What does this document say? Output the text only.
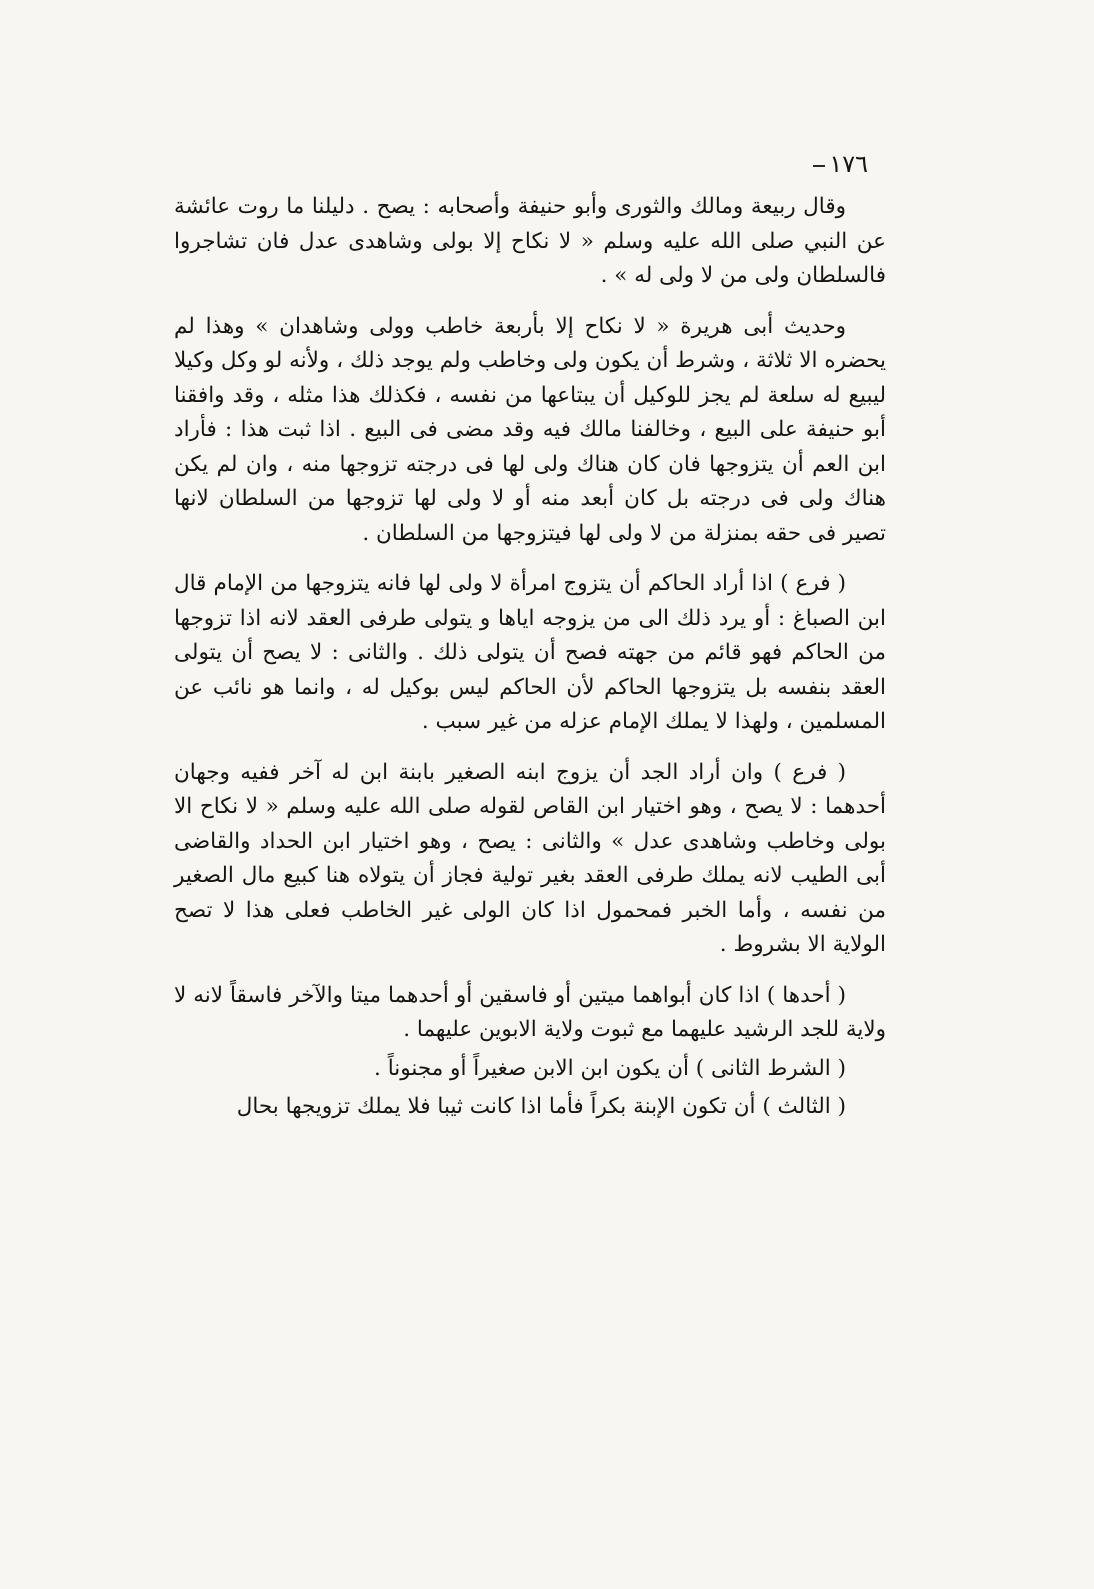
١٧٦

وقال ربيعة ومالك والثورى وأبو حنيفة وأصحابه : يصح . دليلنا ما روت عائشة عن النبي صلى الله عليه وسلم « لا نكاح إلا بولى وشاهدى عدل فان تشاجروا فالسلطان ولى من لا ولى له » .

وحديث أبى هريرة « لا نكاح إلا بأربعة خاطب وولى وشاهدان » وهذا لم يحضره الا ثلاثة ، وشرط أن يكون ولى وخاطب ولم يوجد ذلك ، ولأنه لو وكل وكيلا ليبيع له سلعة لم يجز للوكيل أن يبتاعها من نفسه ، فكذلك هذا مثله ، وقد وافقنا أبو حنيفة على البيع ، وخالفنا مالك فيه وقد مضى فى البيع . اذا ثبت هذا : فأراد ابن العم أن يتزوجها فان كان هناك ولى لها فى درجته تزوجها منه ، وان لم يكن هناك ولى فى درجته بل كان أبعد منه أو لا ولى لها تزوجها من السلطان لانها تصير فى حقه بمنزلة من لا ولى لها فيتزوجها من السلطان .

( فرع ) اذا أراد الحاكم أن يتزوج امرأة لا ولى لها فانه يتزوجها من الإمام قال ابن الصباغ : أو يرد ذلك الى من يزوجه اياها و يتولى طرفى العقد لانه اذا تزوجها من الحاكم فهو قائم من جهته فصح أن يتولى ذلك . والثانى : لا يصح أن يتولى العقد بنفسه بل يتزوجها الحاكم لأن الحاكم ليس بوكيل له ، وانما هو نائب عن المسلمين ، ولهذا لا يملك الإمام عزله من غير سبب .

( فرع ) وان أراد الجد أن يزوج ابنه الصغير بابنة ابن له آخر ففيه وجهان أحدهما : لا يصح ، وهو اختيار ابن القاص لقوله صلى الله عليه وسلم « لا نكاح الا بولى وخاطب وشاهدى عدل » والثانى : يصح ، وهو اختيار ابن الحداد والقاضى أبى الطيب لانه يملك طرفى العقد بغير تولية فجاز أن يتولاه هنا كبيع مال الصغير من نفسه ، وأما الخبر فمحمول اذا كان الولى غير الخاطب فعلى هذا لا تصح الولاية الا بشروط .

( أحدها ) اذا كان أبواهما ميتين أو فاسقين أو أحدهما ميتا والآخر فاسقاً لانه لا ولاية للجد الرشيد عليهما مع ثبوت ولاية الابوين عليهما .

( الشرط الثانى ) أن يكون ابن الابن صغيراً أو مجنوناً .

( الثالث ) أن تكون الإبنة بكراً فأما اذا كانت ثيبا فلا يملك تزويجها بحال
